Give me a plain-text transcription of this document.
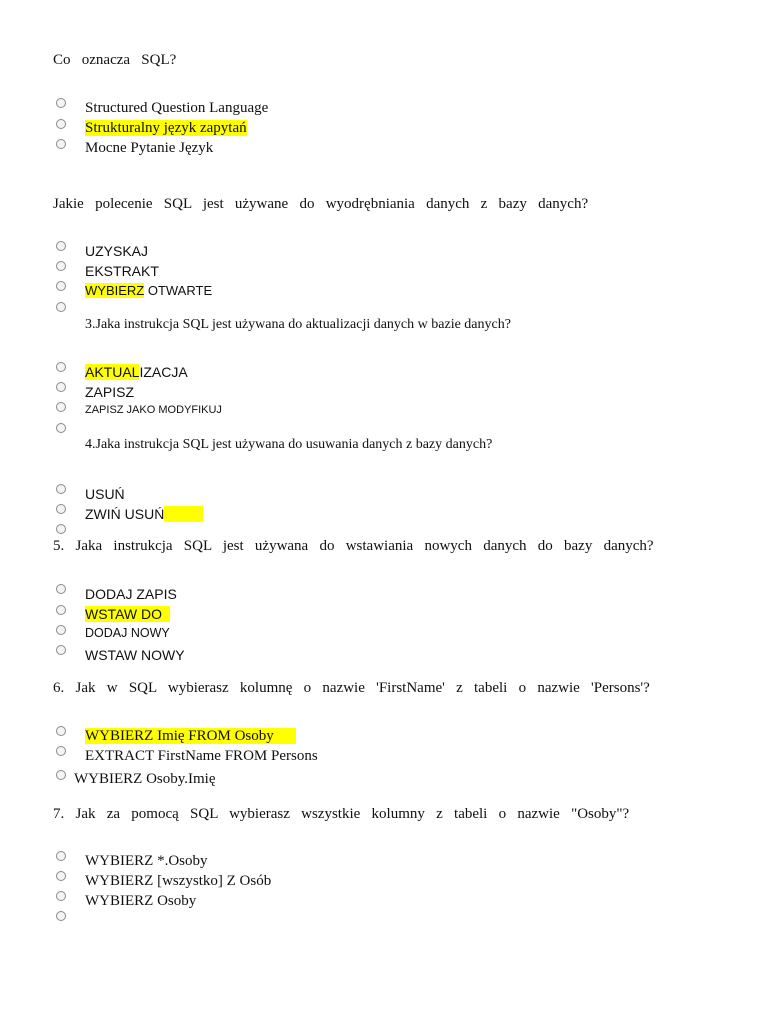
Co   oznacza   SQL?
Structured Question Language
Strukturalny język zapytań
Mocne Pytanie Język
Jakie   polecenie   SQL   jest   używane   do   wyodrębniania   danych   z   bazy   danych?
UZYSKAJ
EKSTRAKT
WYBIERZ OTWARTE
3.Jaka instrukcja SQL jest używana do aktualizacji danych w bazie danych?
AKTUALIZACJA
ZAPISZ
ZAPISZ JAKO MODYFIKUJ
4.Jaka instrukcja SQL jest używana do usuwania danych z bazy danych?
USUŃ
ZWIŃ USUŃ
5.   Jaka   instrukcja   SQL   jest   używana   do   wstawiania   nowych   danych   do   bazy   danych?
DODAJ ZAPIS
WSTAW DO
DODAJ NOWY
WSTAW NOWY
6.   Jak   w   SQL   wybierasz   kolumnę   o   nazwie   'FirstName'   z   tabeli   o   nazwie   'Persons'?
WYBIERZ Imię FROM Osoby
EXTRACT FirstName FROM Persons
WYBIERZ Osoby.Imię
7.   Jak   za   pomocą   SQL   wybierasz   wszystkie   kolumny   z   tabeli   o   nazwie   "Osoby"?
WYBIERZ *.Osoby
WYBIERZ [wszystko] Z Osób
WYBIERZ Osoby
